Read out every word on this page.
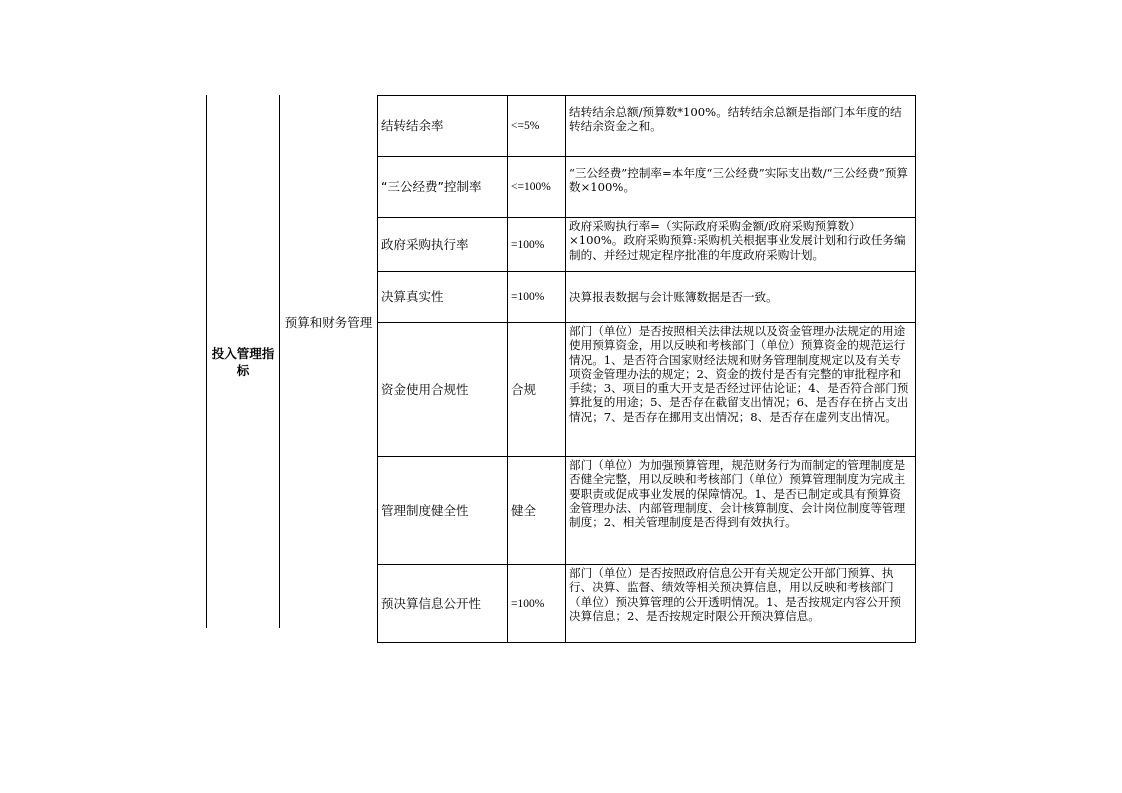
投入管理指标
预算和财务管理
结转结余率	<=5%	结转结余总额/预算数*100%。结转结余总额是指部门本年度的结转结余资金之和。

“三公经费”控制率	<=100%	“三公经费”控制率=本年度“三公经费”实际支出数/“三公经费”预算数×100%。

政府采购执行率	=100%	政府采购执行率=（实际政府采购金额/政府采购预算数）×100%。政府采购预算:采购机关根据事业发展计划和行政任务编制的、并经过规定程序批准的年度政府采购计划。

决算真实性	=100%	决算报表数据与会计账簿数据是否一致。

资金使用合规性	合规	部门（单位）是否按照相关法律法规以及资金管理办法规定的用途使用预算资金，用以反映和考核部门（单位）预算资金的规范运行情况。1、是否符合国家财经法规和财务管理制度规定以及有关专项资金管理办法的规定；2、资金的拨付是否有完整的审批程序和手续；3、项目的重大开支是否经过评估论证；4、是否符合部门预算批复的用途；5、是否存在截留支出情况；6、是否存在挤占支出情况；7、是否存在挪用支出情况；8、是否存在虚列支出情况。

管理制度健全性	健全	部门（单位）为加强预算管理，规范财务行为而制定的管理制度是否健全完整，用以反映和考核部门（单位）预算管理制度为完成主要职责或促成事业发展的保障情况。1、是否已制定或具有预算资金管理办法、内部管理制度、会计核算制度、会计岗位制度等管理制度；2、相关管理制度是否得到有效执行。

预决算信息公开性	=100%	部门（单位）是否按照政府信息公开有关规定公开部门预算、执行、决算、监督、绩效等相关预决算信息，用以反映和考核部门（单位）预决算管理的公开透明情况。1、是否按规定内容公开预决算信息；2、是否按规定时限公开预决算信息。
